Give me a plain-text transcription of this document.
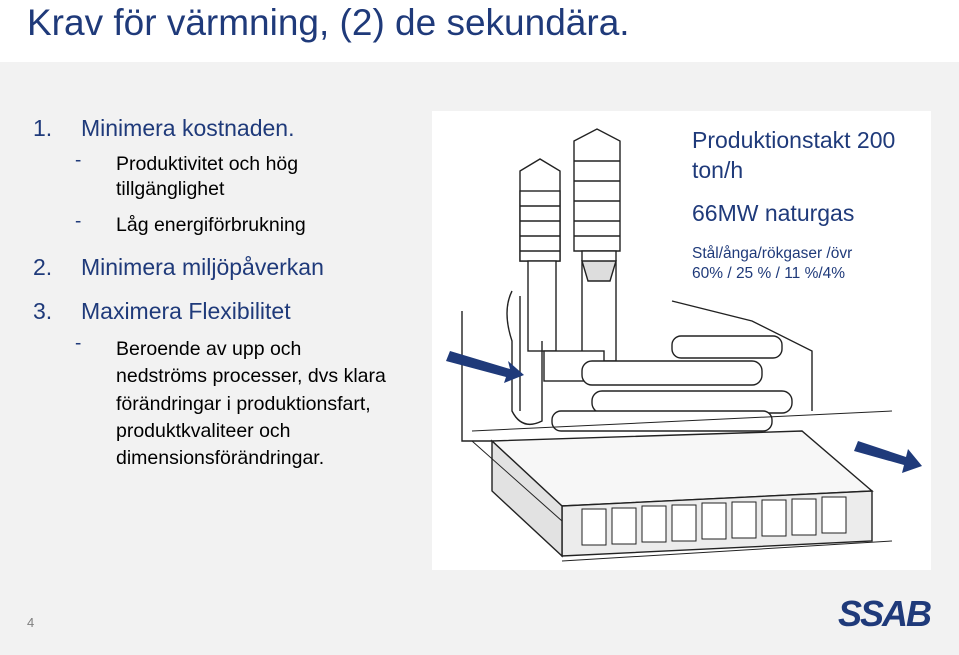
Krav för värmning, (2) de sekundära.
1. Minimera kostnaden.
- Produktivitet och hög tillgänglighet
- Låg energiförbrukning
2. Minimera miljöpåverkan
3. Maximera Flexibilitet
- Beroende av upp och nedströms processer, dvs klara förändringar i produktionsfart, produktkvaliteer och dimensionsförändringar.
Produktionstakt 200 ton/h
66MW naturgas
Stål/ånga/rökgaser /övr
60% / 25 % / 11 %/4%
4	SSAB
